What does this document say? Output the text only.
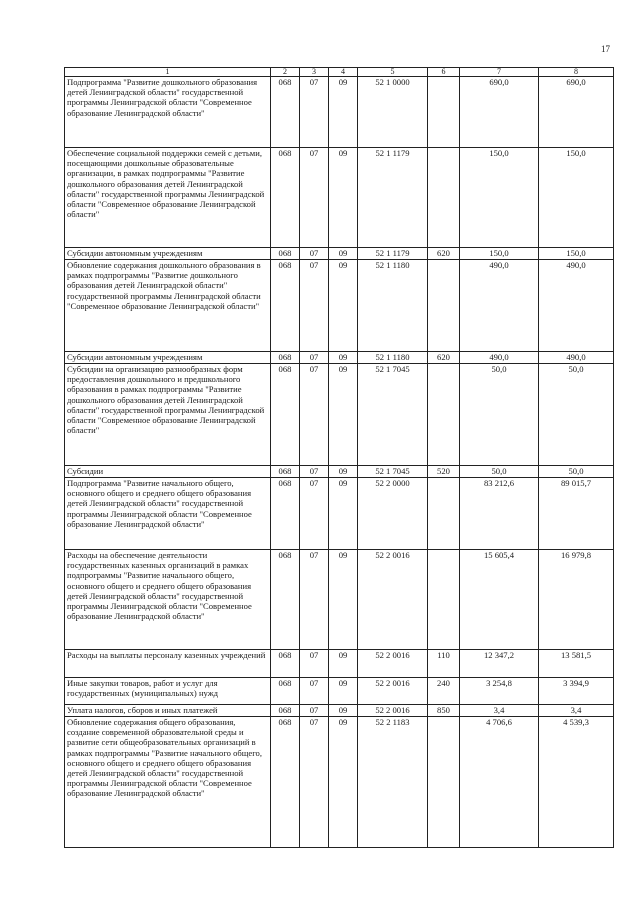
17
1	2	3	4	5	6	7	8
Подпрограмма "Развитие дошкольного образования детей Ленинградской области" государственной программы Ленинградской области "Современное образование Ленинградской области"	068	07	09	52 1 0000		690,0	690,0
Обеспечение социальной поддержки семей с детьми, посещающими дошкольные образовательные организации, в рамках подпрограммы "Развитие дошкольного образования детей Ленинградской области" государственной программы Ленинградской области "Современное образование Ленинградской области"	068	07	09	52 1 1179		150,0	150,0
Субсидии автономным учреждениям	068	07	09	52 1 1179	620	150,0	150,0
Обновление содержания дошкольного образования в рамках подпрограммы "Развитие дошкольного образования детей Ленинградской области" государственной программы Ленинградской области "Современное образование Ленинградской области"	068	07	09	52 1 1180		490,0	490,0
Субсидии автономным учреждениям	068	07	09	52 1 1180	620	490,0	490,0
Субсидии на организацию разнообразных форм предоставления дошкольного и предшкольного образования в рамках подпрограммы "Развитие дошкольного образования детей Ленинградской области" государственной программы Ленинградской области "Современное образование Ленинградской области"	068	07	09	52 1 7045		50,0	50,0
Субсидии	068	07	09	52 1 7045	520	50,0	50,0
Подпрограмма "Развитие начального общего, основного общего и среднего общего образования детей Ленинградской области" государственной программы Ленинградской области "Современное образование Ленинградской области"	068	07	09	52 2 0000		83 212,6	89 015,7
Расходы на обеспечение деятельности государственных казенных организаций в рамках подпрограммы "Развитие начального общего, основного общего и среднего общего образования детей Ленинградской области" государственной программы Ленинградской области "Современное образование Ленинградской области"	068	07	09	52 2 0016		15 605,4	16 979,8
Расходы на выплаты персоналу казенных учреждений	068	07	09	52 2 0016	110	12 347,2	13 581,5
Иные закупки товаров, работ и услуг для государственных (муниципальных) нужд	068	07	09	52 2 0016	240	3 254,8	3 394,9
Уплата налогов, сборов и иных платежей	068	07	09	52 2 0016	850	3,4	3,4
Обновление содержания общего образования, создание современной образовательной среды и развитие сети общеобразовательных организаций в рамках подпрограммы "Развитие начального общего, основного общего и среднего общего образования детей Ленинградской области" государственной программы Ленинградской области "Современное образование Ленинградской области"	068	07	09	52 2 1183		4 706,6	4 539,3
